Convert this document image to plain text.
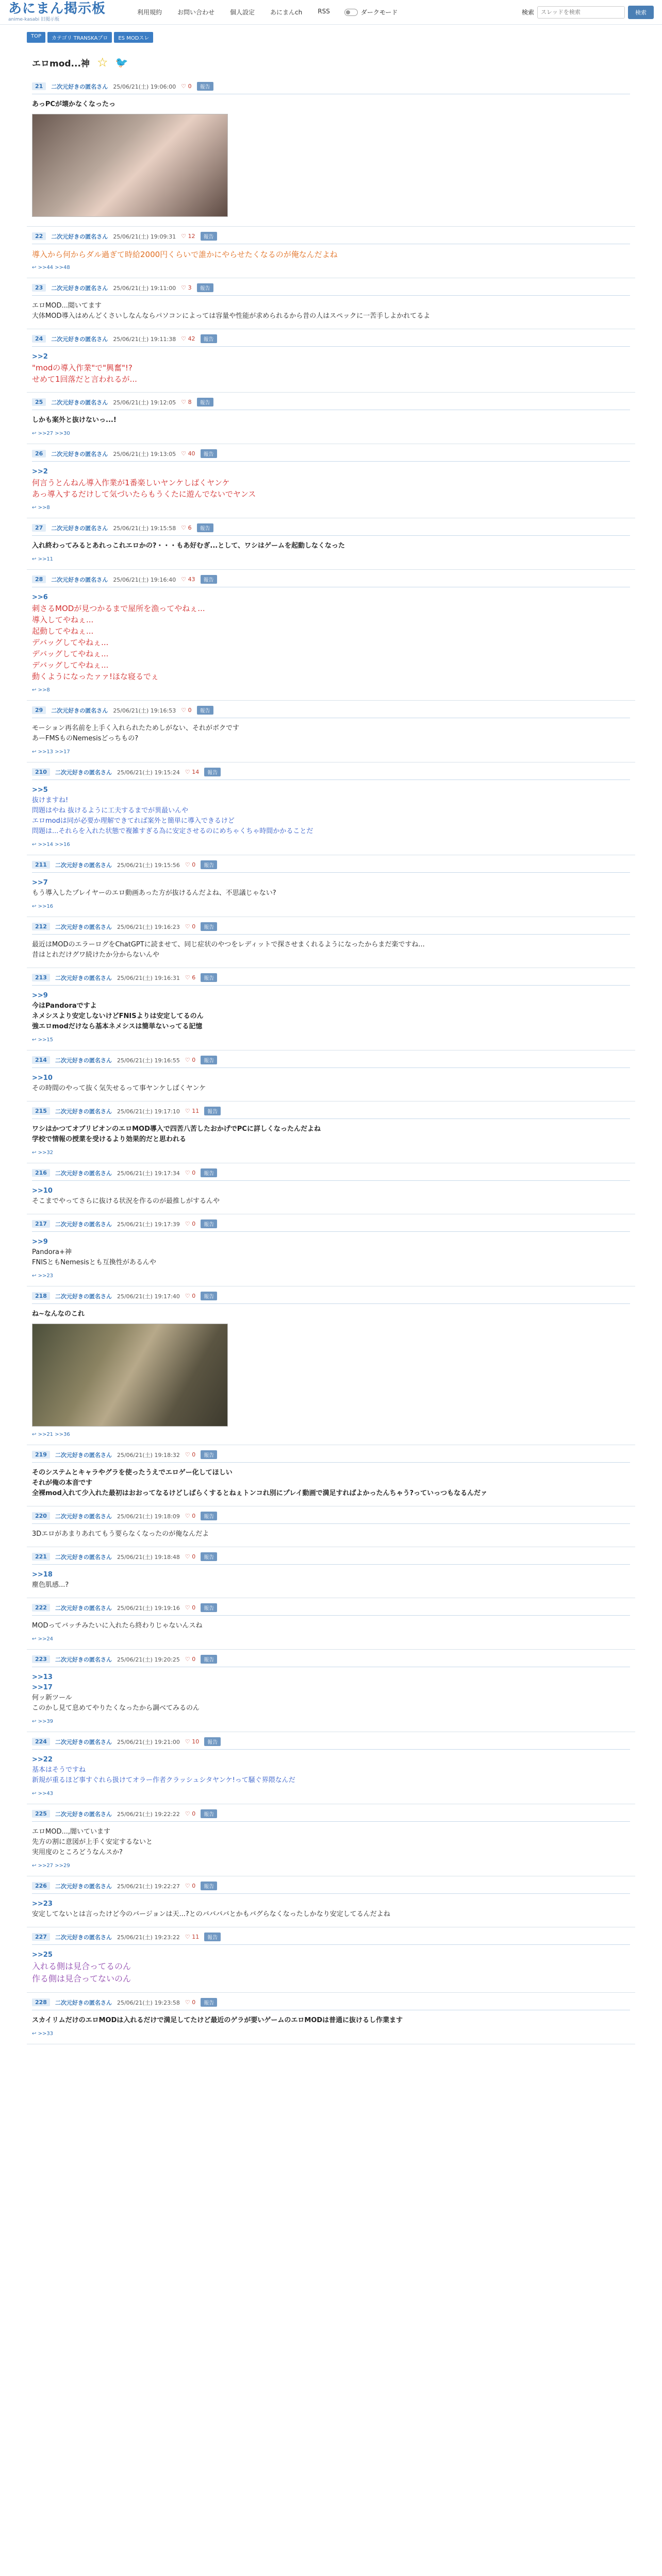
あにまん掲示板
anime-kasabi 旧掲示板
利用規約	お問い合わせ	個人設定	あにまんch	RSS	ダークモード	検索
スレッドを検索	検索
TOP	カテゴリ TRANSKAプロ	ES MODスレ
エロmod...神 ☆ 🐦
21	二次元好きの匿名さん 25/06/21(土) 19:06:00 ♡ 0	報告
あっPCが壊かなくなったっ
22	二次元好きの匿名さん 25/06/21(土) 19:09:31 ♡ 12	報告
導入から何からダル過ぎて時給2000円くらいで誰かにやらせたくなるのが俺なんだよね
↩ >>44 >>48
23	二次元好きの匿名さん 25/06/21(土) 19:11:00 ♡ 3	報告
エロMOD...閲いてます
大体MOD導入はめんどくさいしなんならパソコンによっては容量や性能が求められるから昔の人はスペックに一苦手しよかれてるよ
24	二次元好きの匿名さん 25/06/21(土) 19:11:38 ♡ 42	報告
>>2
"modの導入作業"で"興奮"!?
せめて1回落だと言われるが...
25	二次元好きの匿名さん 25/06/21(土) 19:12:05 ♡ 8	報告
しかも案外と抜けないっ...!
↩ >>27 >>30
26	二次元好きの匿名さん 25/06/21(土) 19:13:05 ♡ 40	報告
>>2
何言うとんねん導入作業が1番楽しいヤンケしばくヤンケ
あっ導入するだけして気づいたらもうくたに遊んでないでヤンス
↩ >>8
27	二次元好きの匿名さん 25/06/21(土) 19:15:58 ♡ 6	報告
入れ終わってみるとあれっこれエロかの?・・・もあ好むぎ...として、ワシはゲームを起動しなくなった
↩ >>11
28	二次元好きの匿名さん 25/06/21(土) 19:16:40 ♡ 43	報告
>>6
刺さるMODが見つかるまで屋所を漁ってやねぇ...
導入してやねぇ...
起動してやねぇ...
デバッグしてやねぇ...
デバッグしてやねぇ...
デバッグしてやねぇ...
動くようになったァァ!ほな寝るでぇ
↩ >>8
29	二次元好きの匿名さん 25/06/21(土) 19:16:53 ♡ 0	報告
モーション再名前を上手く入れられたためしがない、それがボクです
あーFMSものNemesisどっちもの?
↩ >>13 >>17
210	二次元好きの匿名さん 25/06/21(土) 19:15:24 ♡ 14	報告
>>5
抜けますね!
問題はやね 抜けるように工夫するまでが異最いんや
エロmodは同が必要か理解できてれば案外と簡単に導入できるけど
問題は...それらを入れた状態で複雑すぎる為に安定させるのにめちゃくちゃ時間かかることだ
↩ >>14 >>16
211	二次元好きの匿名さん 25/06/21(土) 19:15:56 ♡ 0	報告
>>7
もう導入したプレイヤーのエロ動画あった方が抜けるんだよね、不思議じゃない?
↩ >>16
212	二次元好きの匿名さん 25/06/21(土) 19:16:23 ♡ 0	報告
最近はMODのエラーログをChatGPTに読ませて、同じ症状のやつをレディットで探させまくれるようになったからまだ楽ですね...
昔はとれだけグワ続けたか分からないんや
213	二次元好きの匿名さん 25/06/21(土) 19:16:31 ♡ 6	報告
>>9
今はPandoraですよ
ネメシスより安定しないけどFNISよりは安定してるのん
強エロmodだけなら基本ネメシスは簡単ないってる記憶
↩ >>15
214	二次元好きの匿名さん 25/06/21(土) 19:16:55 ♡ 0	報告
>>10
その時間のやって抜く気失せるって事ヤンケしばくヤンケ
215	二次元好きの匿名さん 25/06/21(土) 19:17:10 ♡ 11	報告
ワシはかつてオブリビオンのエロMOD導入で四苦八苦したおかげでPCに詳しくなったんだよね
学校で情報の授業を受けるより効果的だと思われる
↩ >>32
216	二次元好きの匿名さん 25/06/21(土) 19:17:34 ♡ 0	報告
>>10
そこまでやってさらに抜ける状況を作るのが最推しがするんや
217	二次元好きの匿名さん 25/06/21(土) 19:17:39 ♡ 0	報告
>>9
Pandora+神
FNISともNemesisとも互換性があるんや
↩ >>23
218	二次元好きの匿名さん 25/06/21(土) 19:17:40 ♡ 0	報告
ね~なんなのこれ
↩ >>21 >>36
219	二次元好きの匿名さん 25/06/21(土) 19:18:32 ♡ 0	報告
そのシステムとキャラやグラを使ったうえでエロゲー化してほしい
それが俺の本音です
全裸mod入れて少入れた最初はおおってなるけどしばらくするとねぇトンコれ別にプレイ動画で満足すればよかったんちゃう?っていっつもなるんだァ
220	二次元好きの匿名さん 25/06/21(土) 19:18:09 ♡ 0	報告
3Dエロがあまりあれてもう要らなくなったのが俺なんだよ
221	二次元好きの匿名さん 25/06/21(土) 19:18:48 ♡ 0	報告
>>18
塵色肌感...?
222	二次元好きの匿名さん 25/06/21(土) 19:19:16 ♡ 0	報告
MODってバッチみたいに入れたら終わりじゃないんスね
↩ >>24
223	二次元好きの匿名さん 25/06/21(土) 19:20:25 ♡ 0	報告
>>13
>>17
何ッ新ツール
このかし見て息めてやりたくなったから調べてみるのん
↩ >>39
224	二次元好きの匿名さん 25/06/21(土) 19:21:00 ♡ 10	報告
>>22
基本はそうですね
新規が重るほど事すぐれら扱けてオラー作者クラッシュシタヤンケ!って騒ぐ界隈なんだ
↩ >>43
225	二次元好きの匿名さん 25/06/21(土) 19:22:22 ♡ 0	報告
エロMOD...,闇いています
先方の割に意図が上手く安定するないと
実用度のところどうなんスか?
↩ >>27 >>29
226	二次元好きの匿名さん 25/06/21(土) 19:22:27 ♡ 0	報告
>>23
安定してないとは言ったけど今のバージョンは天...?とのババババとかもバグらなくなったしかなり安定してるんだよね
227	二次元好きの匿名さん 25/06/21(土) 19:23:22 ♡ 11	報告
>>25
入れる側は見合ってるのん
作る側は見合ってないのん
228	二次元好きの匿名さん 25/06/21(土) 19:23:58 ♡ 0	報告
スカイリムだけのエロMODは入れるだけで満足してたけど最近のゲラが要いゲームのエロMODは普通に抜けるし作業ます
↩ >>33
